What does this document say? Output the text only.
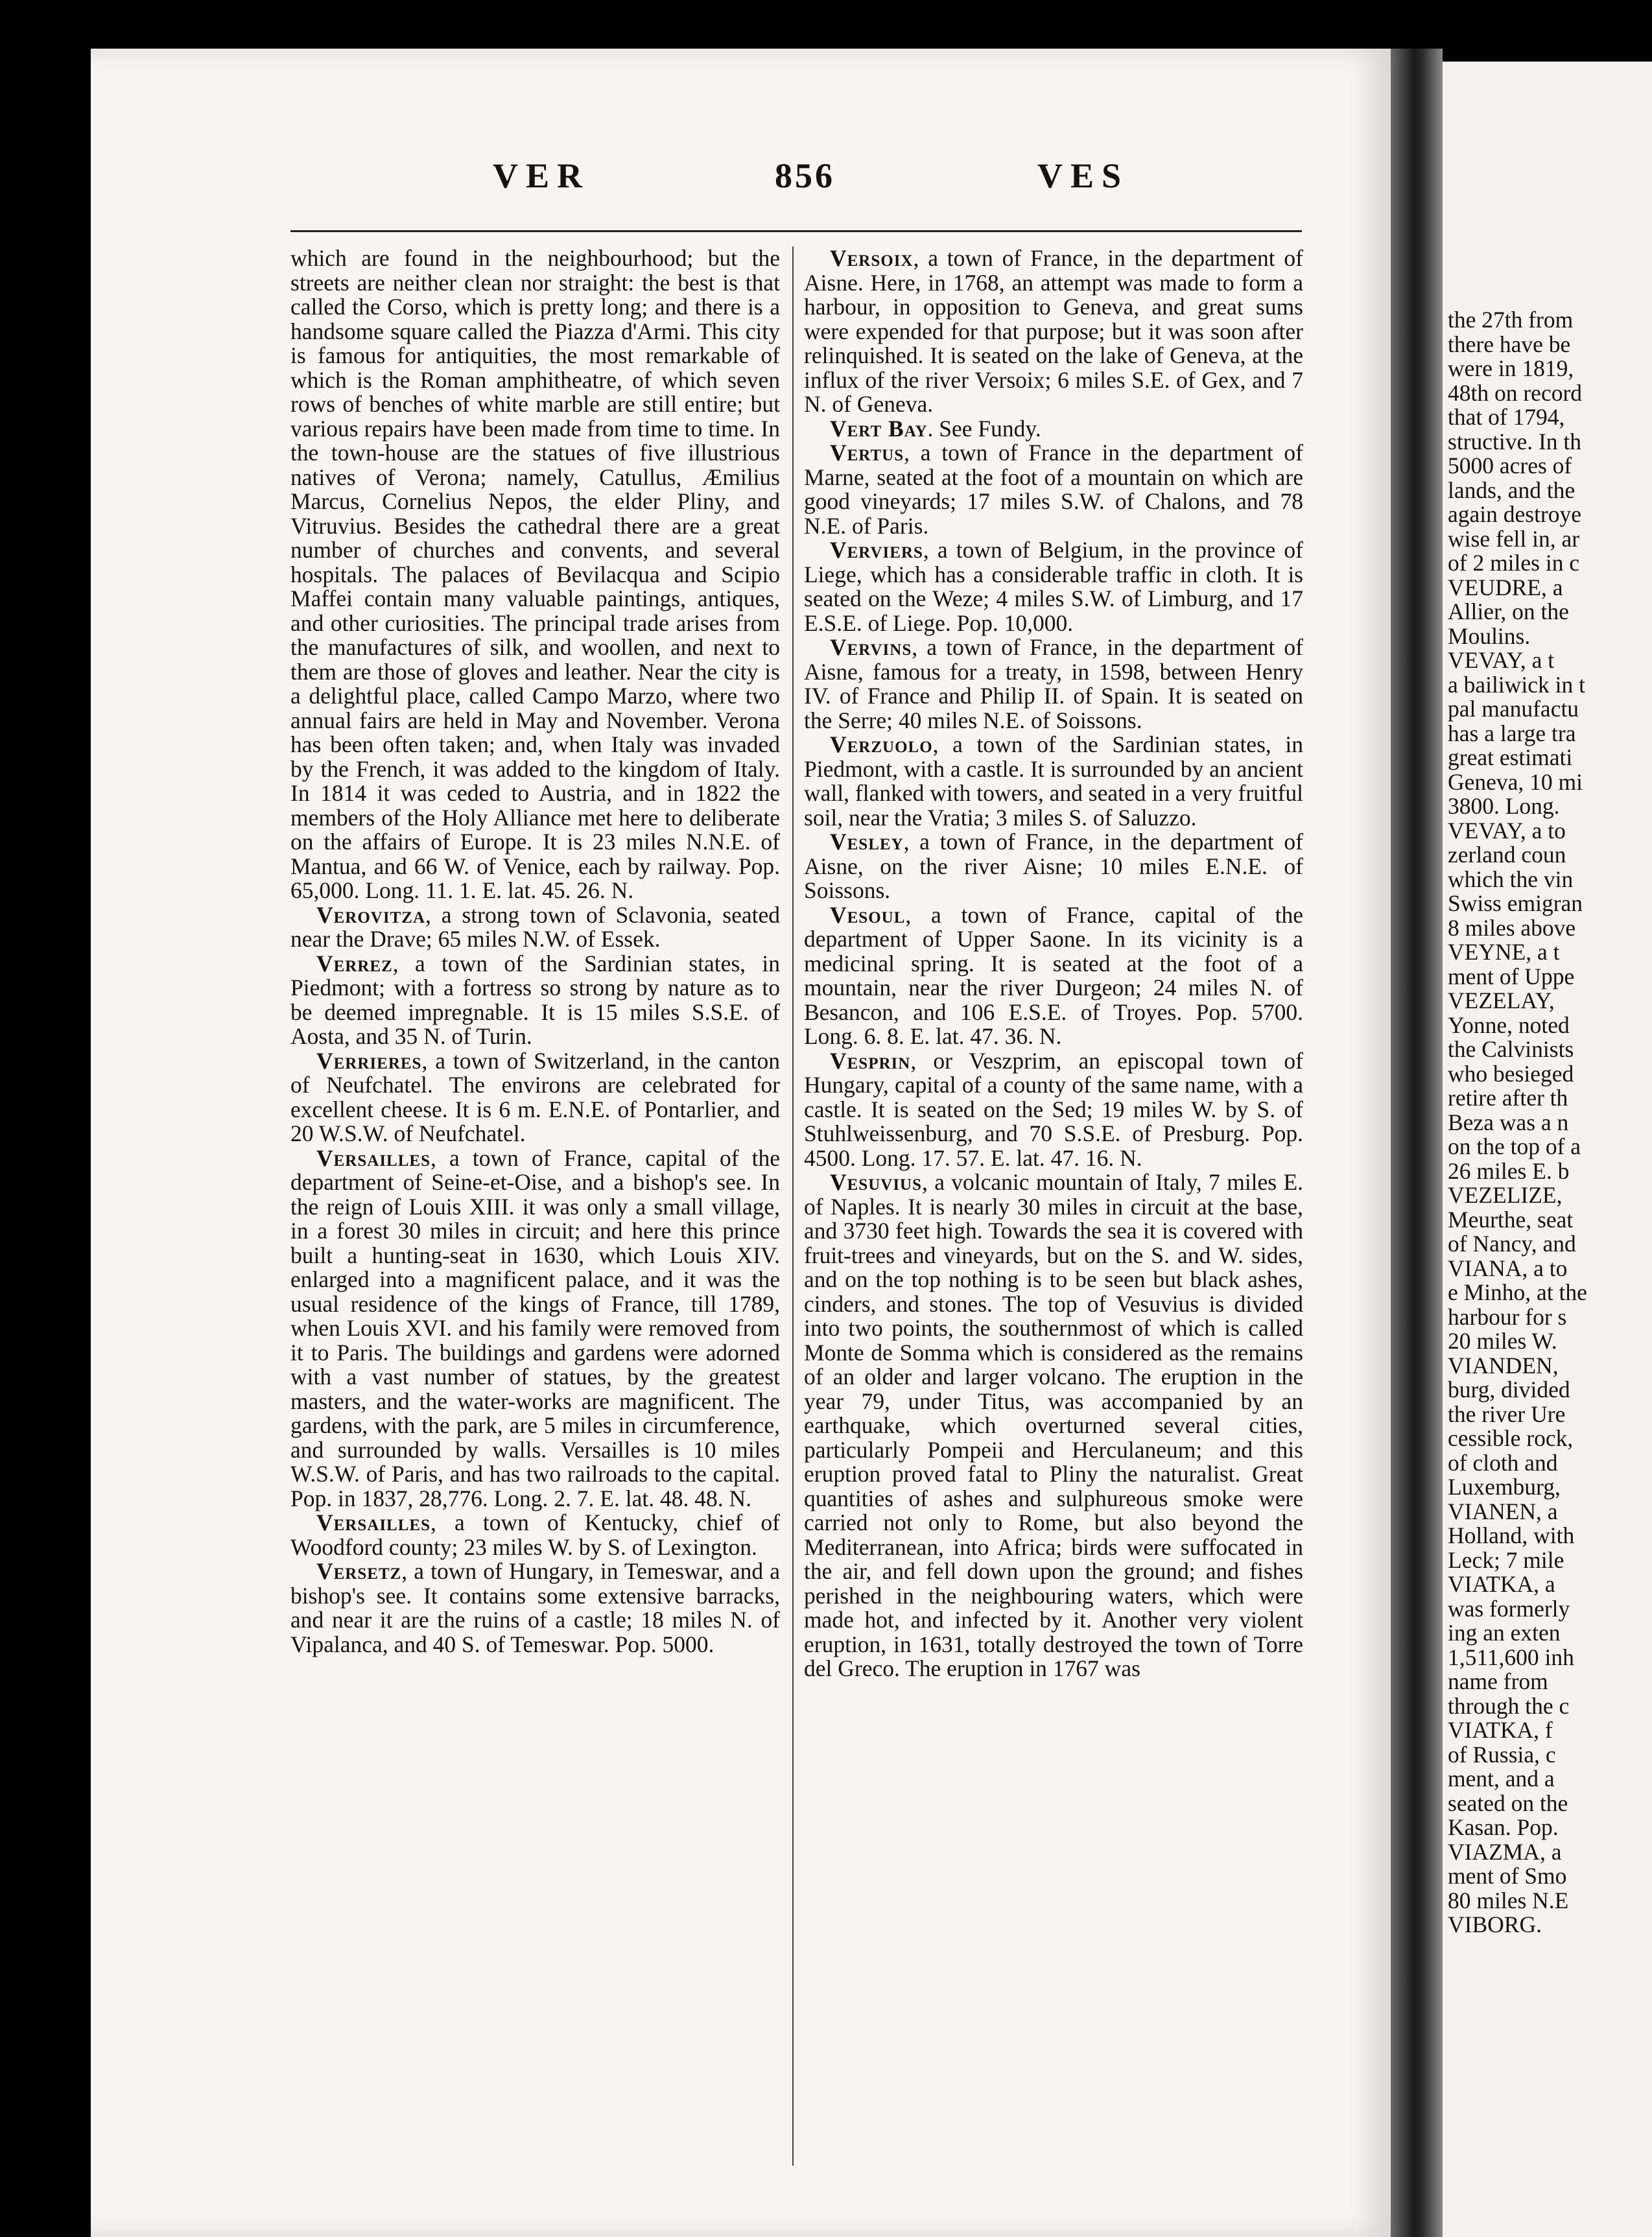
the 27th from

there have be

were in 1819,

48th on record

that of 1794,

structive. In th

5000 acres of

lands, and the

again destroye

wise fell in, ar

of 2 miles in c

VEUDRE, a

Allier, on the

Moulins.

VEVAY, a t

a bailiwick in t

pal manufactu

has a large tra

great estimati

Geneva, 10 mi

3800. Long.

VEVAY, a to

zerland coun

which the vin

Swiss emigran

8 miles above

VEYNE, a t

ment of Uppe

VEZELAY,

Yonne, noted

the Calvinists

who besieged

retire after th

Beza was a n

on the top of a

26 miles E. b

VEZELIZE,

Meurthe, seat

of Nancy, and

VIANA, a to

e Minho, at the

harbour for s

20 miles W.

VIANDEN,

burg, divided

the river Ure

cessible rock,

of cloth and

Luxemburg,

VIANEN, a

Holland, with

Leck; 7 mile

VIATKA, a

was formerly

ing an exten

1,511,600 inh

name from

through the c

VIATKA, f

of Russia, c

ment, and a

seated on the

Kasan. Pop.

VIAZMA, a

ment of Smo

80 miles N.E

VIBORG.

VER	856	VES

which are found in the neighbourhood; but the streets are neither clean nor straight: the best is that called the Corso, which is pretty long; and there is a handsome square called the Piazza d'Armi. This city is famous for antiquities, the most remarkable of which is the Roman amphitheatre, of which seven rows of benches of white marble are still entire; but various repairs have been made from time to time. In the town-house are the statues of five illustrious natives of Verona; namely, Catullus, Æmilius Marcus, Cornelius Nepos, the elder Pliny, and Vitruvius. Besides the cathedral there are a great number of churches and convents, and several hospitals. The palaces of Bevilacqua and Scipio Maffei contain many valuable paintings, antiques, and other curiosities. The principal trade arises from the manufactures of silk, and woollen, and next to them are those of gloves and leather. Near the city is a delightful place, called Campo Marzo, where two annual fairs are held in May and November. Verona has been often taken; and, when Italy was invaded by the French, it was added to the kingdom of Italy. In 1814 it was ceded to Austria, and in 1822 the members of the Holy Alliance met here to deliberate on the affairs of Europe. It is 23 miles N.N.E. of Mantua, and 66 W. of Venice, each by railway. Pop. 65,000. Long. 11. 1. E. lat. 45. 26. N.

Verovitza, a strong town of Sclavonia, seated near the Drave; 65 miles N.W. of Essek.

Verrez, a town of the Sardinian states, in Piedmont; with a fortress so strong by nature as to be deemed impregnable. It is 15 miles S.S.E. of Aosta, and 35 N. of Turin.

Verrieres, a town of Switzerland, in the canton of Neufchatel. The environs are celebrated for excellent cheese. It is 6 m. E.N.E. of Pontarlier, and 20 W.S.W. of Neufchatel.

Versailles, a town of France, capital of the department of Seine-et-Oise, and a bishop's see. In the reign of Louis XIII. it was only a small village, in a forest 30 miles in circuit; and here this prince built a hunting-seat in 1630, which Louis XIV. enlarged into a magnificent palace, and it was the usual residence of the kings of France, till 1789, when Louis XVI. and his family were removed from it to Paris. The buildings and gardens were adorned with a vast number of statues, by the greatest masters, and the water-works are magnificent. The gardens, with the park, are 5 miles in circumference, and surrounded by walls. Versailles is 10 miles W.S.W. of Paris, and has two railroads to the capital. Pop. in 1837, 28,776. Long. 2. 7. E. lat. 48. 48. N.

Versailles, a town of Kentucky, chief of Woodford county; 23 miles W. by S. of Lexington.

Versetz, a town of Hungary, in Temeswar, and a bishop's see. It contains some extensive barracks, and near it are the ruins of a castle; 18 miles N. of Vipalanca, and 40 S. of Temeswar. Pop. 5000.

Versoix, a town of France, in the department of Aisne. Here, in 1768, an attempt was made to form a harbour, in opposition to Geneva, and great sums were expended for that purpose; but it was soon after relinquished. It is seated on the lake of Geneva, at the influx of the river Versoix; 6 miles S.E. of Gex, and 7 N. of Geneva.

Vert Bay. See Fundy.

Vertus, a town of France in the department of Marne, seated at the foot of a mountain on which are good vineyards; 17 miles S.W. of Chalons, and 78 N.E. of Paris.

Verviers, a town of Belgium, in the province of Liege, which has a considerable traffic in cloth. It is seated on the Weze; 4 miles S.W. of Limburg, and 17 E.S.E. of Liege. Pop. 10,000.

Vervins, a town of France, in the department of Aisne, famous for a treaty, in 1598, between Henry IV. of France and Philip II. of Spain. It is seated on the Serre; 40 miles N.E. of Soissons.

Verzuolo, a town of the Sardinian states, in Piedmont, with a castle. It is surrounded by an ancient wall, flanked with towers, and seated in a very fruitful soil, near the Vratia; 3 miles S. of Saluzzo.

Vesley, a town of France, in the department of Aisne, on the river Aisne; 10 miles E.N.E. of Soissons.

Vesoul, a town of France, capital of the department of Upper Saone. In its vicinity is a medicinal spring. It is seated at the foot of a mountain, near the river Durgeon; 24 miles N. of Besancon, and 106 E.S.E. of Troyes. Pop. 5700. Long. 6. 8. E. lat. 47. 36. N.

Vesprin, or Veszprim, an episcopal town of Hungary, capital of a county of the same name, with a castle. It is seated on the Sed; 19 miles W. by S. of Stuhlweissenburg, and 70 S.S.E. of Presburg. Pop. 4500. Long. 17. 57. E. lat. 47. 16. N.

Vesuvius, a volcanic mountain of Italy, 7 miles E. of Naples. It is nearly 30 miles in circuit at the base, and 3730 feet high. Towards the sea it is covered with fruit-trees and vineyards, but on the S. and W. sides, and on the top nothing is to be seen but black ashes, cinders, and stones. The top of Vesuvius is divided into two points, the southernmost of which is called Monte de Somma which is considered as the remains of an older and larger volcano. The eruption in the year 79, under Titus, was accompanied by an earthquake, which overturned several cities, particularly Pompeii and Herculaneum; and this eruption proved fatal to Pliny the naturalist. Great quantities of ashes and sulphureous smoke were carried not only to Rome, but also beyond the Mediterranean, into Africa; birds were suffocated in the air, and fell down upon the ground; and fishes perished in the neighbouring waters, which were made hot, and infected by it. Another very violent eruption, in 1631, totally destroyed the town of Torre del Greco. The eruption in 1767 was
